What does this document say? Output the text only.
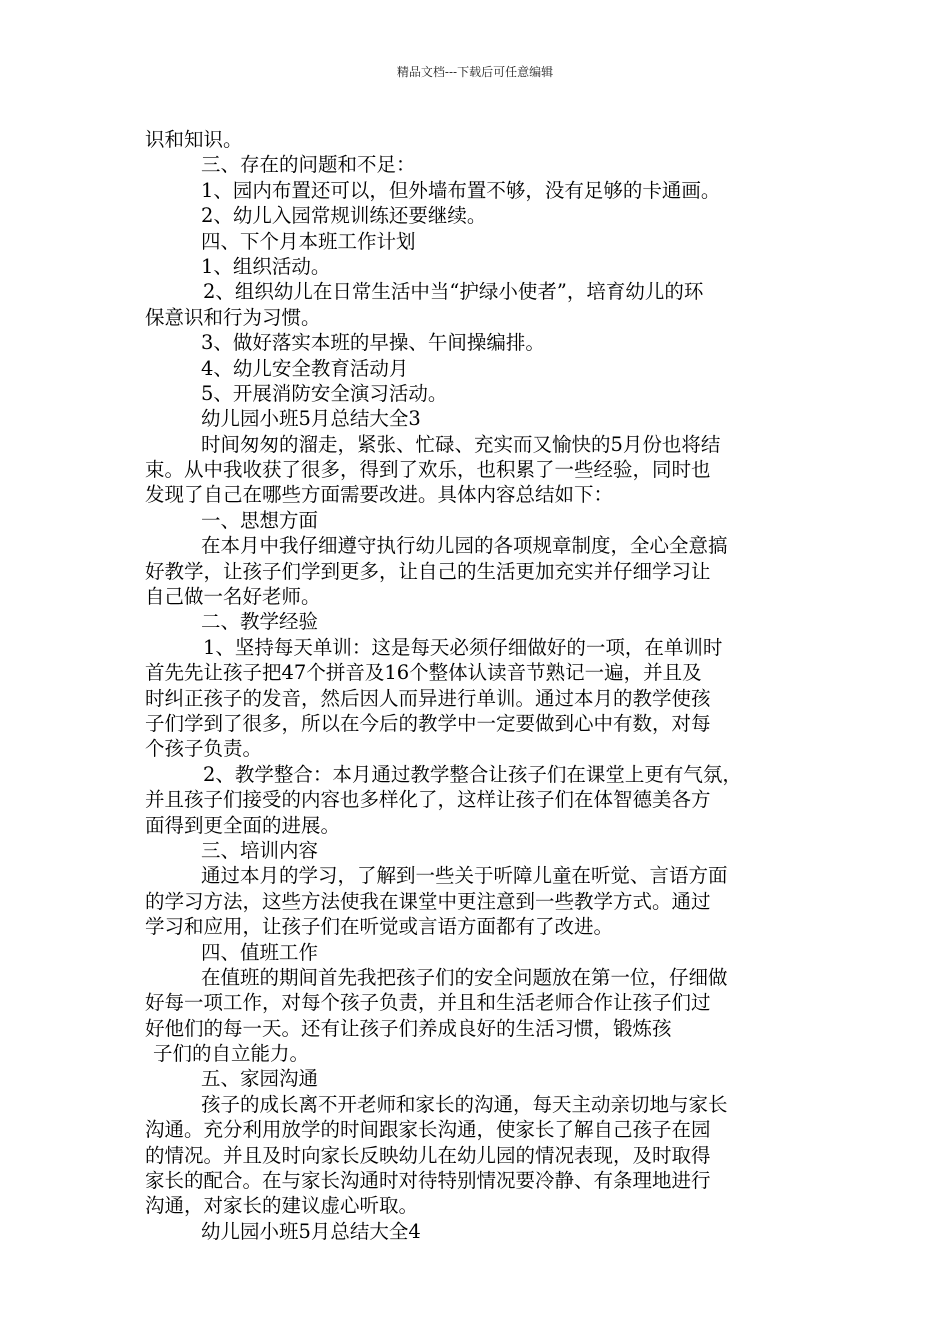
精品文档---下载后可任意编辑
识和知识。
三、存在的问题和不足：
1、园内布置还可以，但外墙布置不够，没有足够的卡通画。
2、幼儿入园常规训练还要继续。
四、下个月本班工作计划
1、组织活动。
2、组织幼儿在日常生活中当“护绿小使者”，培育幼儿的环
保意识和行为习惯。
3、做好落实本班的早操、午间操编排。
4、幼儿安全教育活动月
5、开展消防安全演习活动。
幼儿园小班5月总结大全3
时间匆匆的溜走，紧张、忙碌、充实而又愉快的5月份也将结
束。从中我收获了很多，得到了欢乐，也积累了一些经验，同时也
发现了自己在哪些方面需要改进。具体内容总结如下：
一、思想方面
在本月中我仔细遵守执行幼儿园的各项规章制度，全心全意搞
好教学，让孩子们学到更多，让自己的生活更加充实并仔细学习让
自己做一名好老师。
二、教学经验
1、坚持每天单训：这是每天必须仔细做好的一项，在单训时
首先先让孩子把47个拼音及16个整体认读音节熟记一遍，并且及
时纠正孩子的发音，然后因人而异进行单训。通过本月的教学使孩
子们学到了很多，所以在今后的教学中一定要做到心中有数，对每
个孩子负责。
2、教学整合：本月通过教学整合让孩子们在课堂上更有气氛，
并且孩子们接受的内容也多样化了，这样让孩子们在体智德美各方
面得到更全面的进展。
三、培训内容
通过本月的学习，了解到一些关于听障儿童在听觉、言语方面
的学习方法，这些方法使我在课堂中更注意到一些教学方式。通过
学习和应用，让孩子们在听觉或言语方面都有了改进。
四、值班工作
在值班的期间首先我把孩子们的安全问题放在第一位，仔细做
好每一项工作，对每个孩子负责，并且和生活老师合作让孩子们过
好他们的每一天。还有让孩子们养成良好的生活习惯，锻炼孩
子们的自立能力。
五、家园沟通
孩子的成长离不开老师和家长的沟通，每天主动亲切地与家长
沟通。充分利用放学的时间跟家长沟通，使家长了解自己孩子在园
的情况。并且及时向家长反映幼儿在幼儿园的情况表现，及时取得
家长的配合。在与家长沟通时对待特别情况要冷静、有条理地进行
沟通，对家长的建议虚心听取。
幼儿园小班5月总结大全4
